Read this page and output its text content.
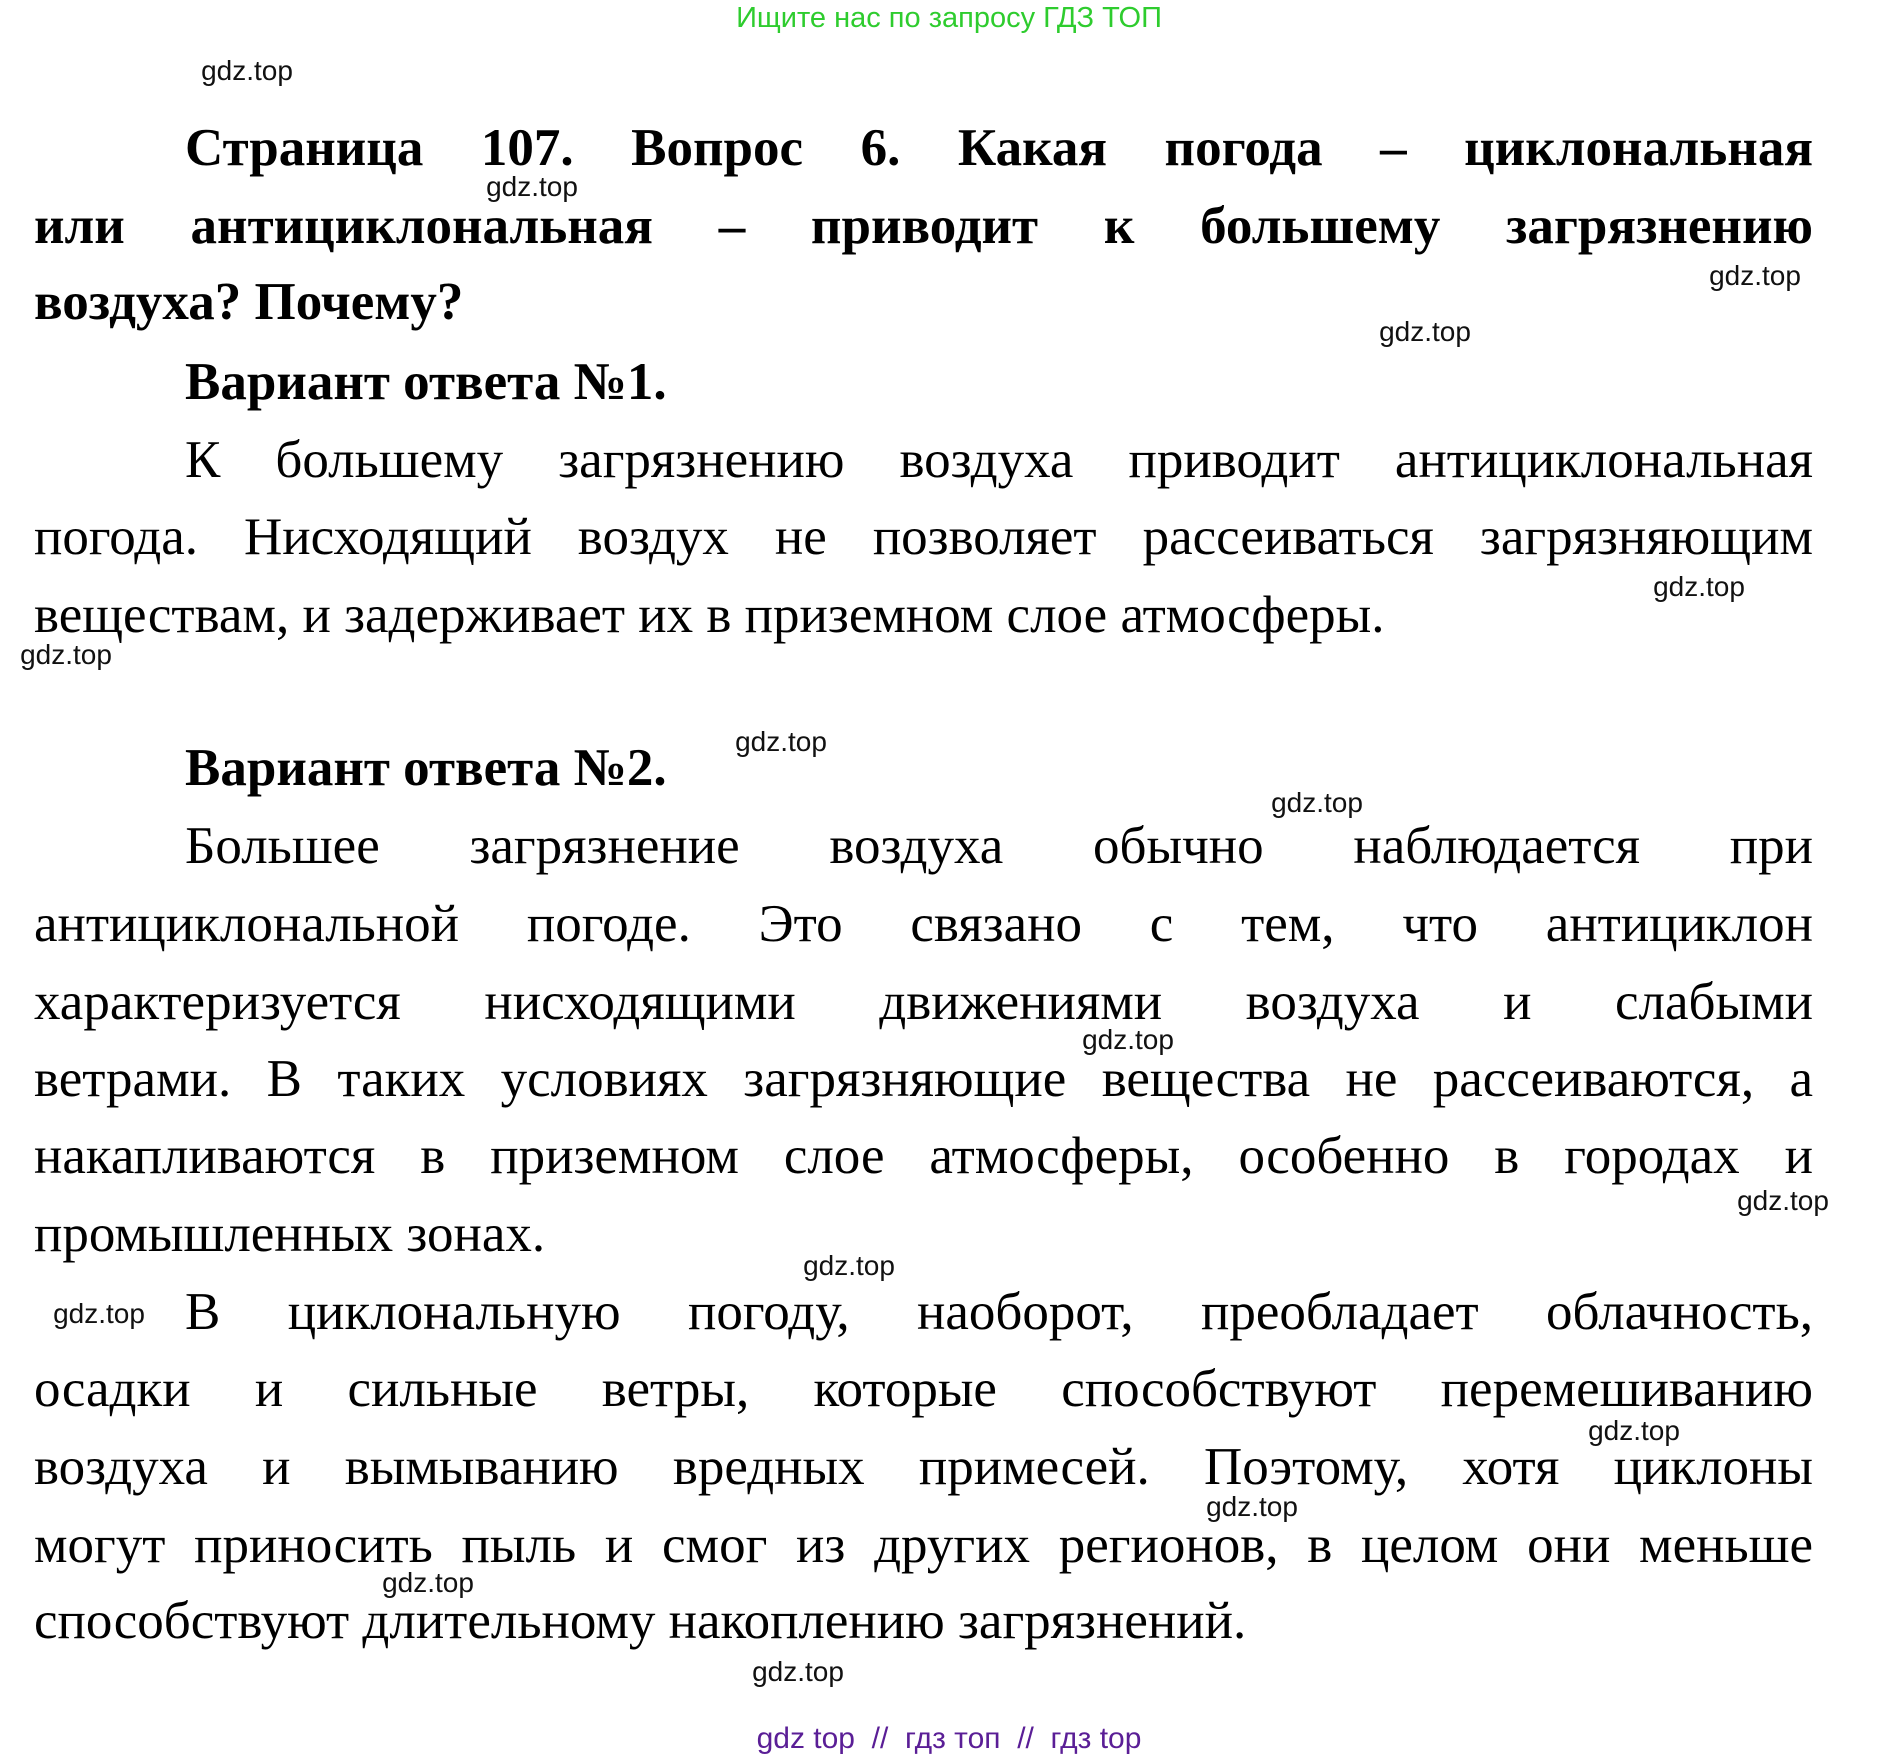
Ищите нас по запросу ГДЗ ТОП
Страница 107. Вопрос 6. Какая погода – циклональная
или антициклональная – приводит к большему загрязнению
воздуха? Почему?
Вариант ответа №1.
К большему загрязнению воздуха приводит антициклональная
погода. Нисходящий воздух не позволяет рассеиваться загрязняющим
веществам, и задерживает их в приземном слое атмосферы.
Вариант ответа №2.
Большее загрязнение воздуха обычно наблюдается при
антициклональной погоде. Это связано с тем, что антициклон
характеризуется нисходящими движениями воздуха и слабыми
ветрами. В таких условиях загрязняющие вещества не рассеиваются, а
накапливаются в приземном слое атмосферы, особенно в городах и
промышленных зонах.
В циклональную погоду, наоборот, преобладает облачность,
осадки и сильные ветры, которые способствуют перемешиванию
воздуха и вымыванию вредных примесей. Поэтому, хотя циклоны
могут приносить пыль и смог из других регионов, в целом они меньше
способствуют длительному накоплению загрязнений.
gdz.top
gdz.top
gdz.top
gdz.top
gdz.top
gdz.top
gdz.top
gdz.top
gdz.top
gdz.top
gdz.top
gdz.top
gdz.top
gdz.top
gdz.top
gdz.top
gdz top  //  гдз топ  //  гдз top
